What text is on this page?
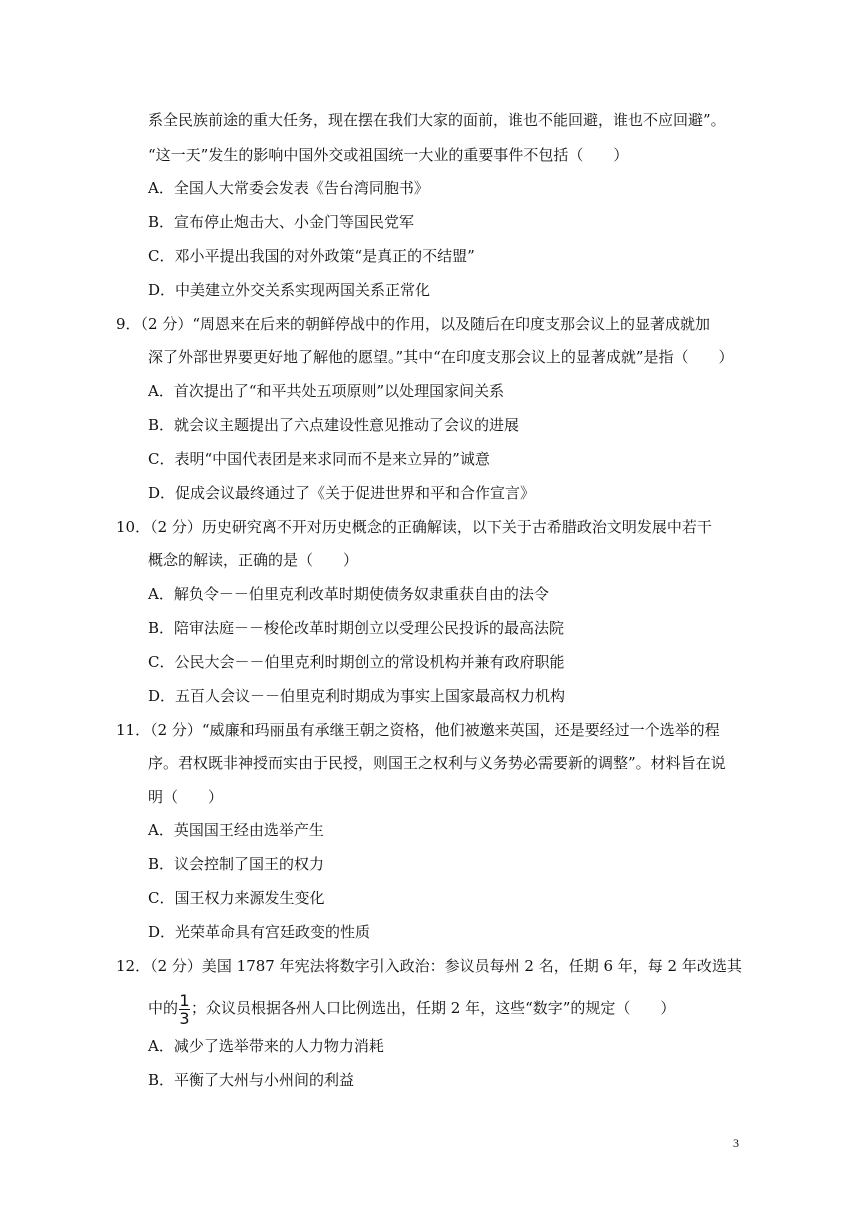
系全民族前途的重大任务，现在摆在我们大家的面前，谁也不能回避，谁也不应回避”。
“这一天”发生的影响中国外交或祖国统一大业的重要事件不包括（　　）
A．全国人大常委会发表《告台湾同胞书》
B．宣布停止炮击大、小金门等国民党军
C．邓小平提出我国的对外政策“是真正的不结盟”
D．中美建立外交关系实现两国关系正常化
9．（2 分）“周恩来在后来的朝鲜停战中的作用，以及随后在印度支那会议上的显著成就加
深了外部世界要更好地了解他的愿望。”其中“在印度支那会议上的显著成就”是指（　　）
A．首次提出了“和平共处五项原则”以处理国家间关系
B．就会议主题提出了六点建设性意见推动了会议的进展
C．表明“中国代表团是来求同而不是来立异的”诚意
D．促成会议最终通过了《关于促进世界和平和合作宣言》
10．（2 分）历史研究离不开对历史概念的正确解读，以下关于古希腊政治文明发展中若干
概念的解读，正确的是（　　）
A．解负令－－伯里克利改革时期使债务奴隶重获自由的法令
B．陪审法庭－－梭伦改革时期创立以受理公民投诉的最高法院
C．公民大会－－伯里克利时期创立的常设机构并兼有政府职能
D．五百人会议－－伯里克利时期成为事实上国家最高权力机构
11．（2 分）“威廉和玛丽虽有承继王朝之资格，他们被邀来英国，还是要经过一个选举的程
序。君权既非神授而实由于民授，则国王之权利与义务势必需要新的调整”。材料旨在说
明（　　）
A．英国国王经由选举产生
B．议会控制了国王的权力
C．国王权力来源发生变化
D．光荣革命具有宫廷政变的性质
12．（2 分）美国 1787 年宪法将数字引入政治：参议员每州 2 名，任期 6 年，每 2 年改选其
中的 $\frac{1}{3}$ ；众议员根据各州人口比例选出，任期 2 年，这些“数字”的规定（　　）
A．减少了选举带来的人力物力消耗
B．平衡了大州与小州间的利益
3
